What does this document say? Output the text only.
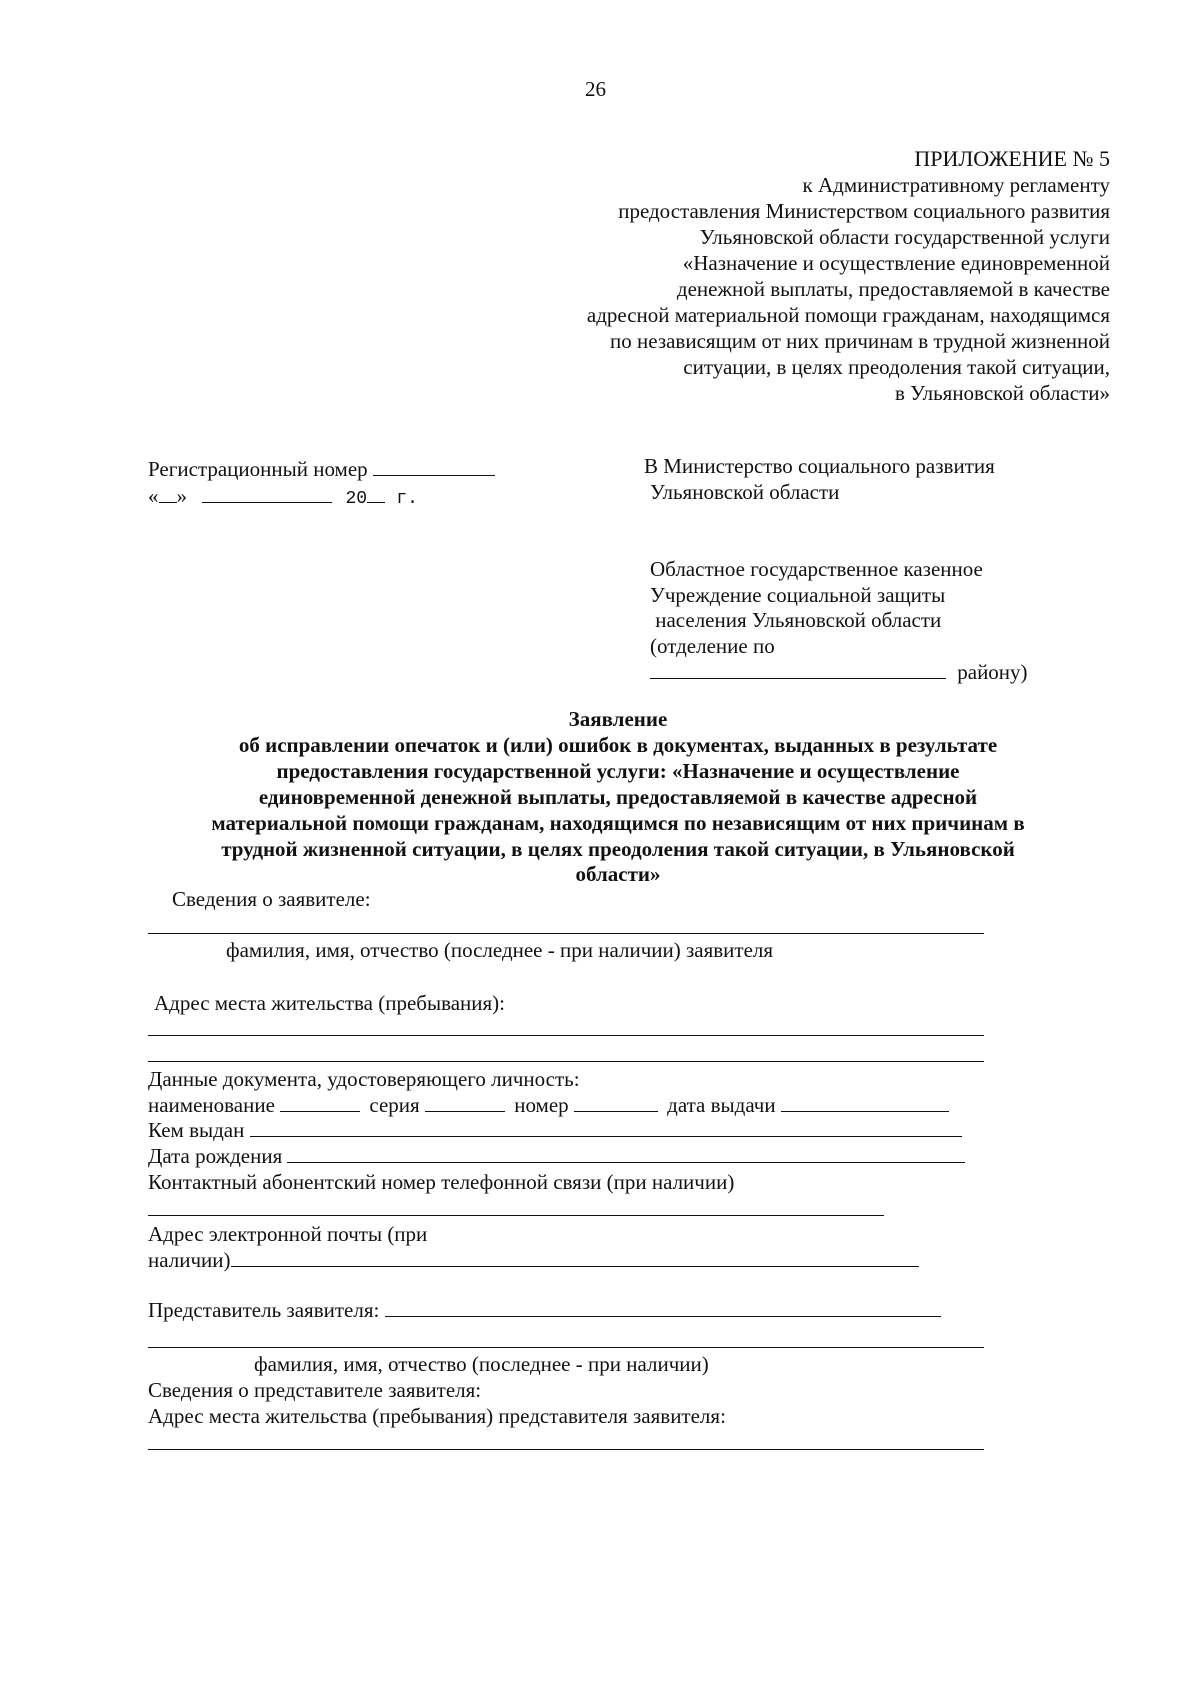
26
ПРИЛОЖЕНИЕ № 5
к Административному регламенту
предоставления Министерством социального развития
Ульяновской области государственной услуги
«Назначение и осуществление единовременной
денежной выплаты, предоставляемой в качестве
адресной материальной помощи гражданам, находящимся
по независящим от них причинам в трудной жизненной
ситуации, в целях преодоления такой ситуации,
в Ульяновской области»
Регистрационный номер
« »	20 г.
В Министерство социального развития
Ульяновской области
Областное государственное казенное
Учреждение социальной защиты
населения Ульяновской области
(отделение по
району)
Заявление
об исправлении опечаток и (или) ошибок в документах, выданных в результате
предоставления государственной услуги: «Назначение и осуществление
единовременной денежной выплаты, предоставляемой в качестве адресной
материальной помощи гражданам, находящимся по независящим от них причинам в
трудной жизненной ситуации, в целях преодоления такой ситуации, в Ульяновской
области»
Сведения о заявителе:
фамилия, имя, отчество (последнее - при наличии) заявителя
Адрес места жительства (пребывания):
Данные документа, удостоверяющего личность:
наименование	серия	номер	дата выдачи
Кем выдан
Дата рождения
Контактный абонентский номер телефонной связи (при наличии)
Адрес электронной почты (при
наличии)
Представитель заявителя:
фамилия, имя, отчество (последнее - при наличии)
Сведения о представителе заявителя:
Адрес места жительства (пребывания) представителя заявителя:
